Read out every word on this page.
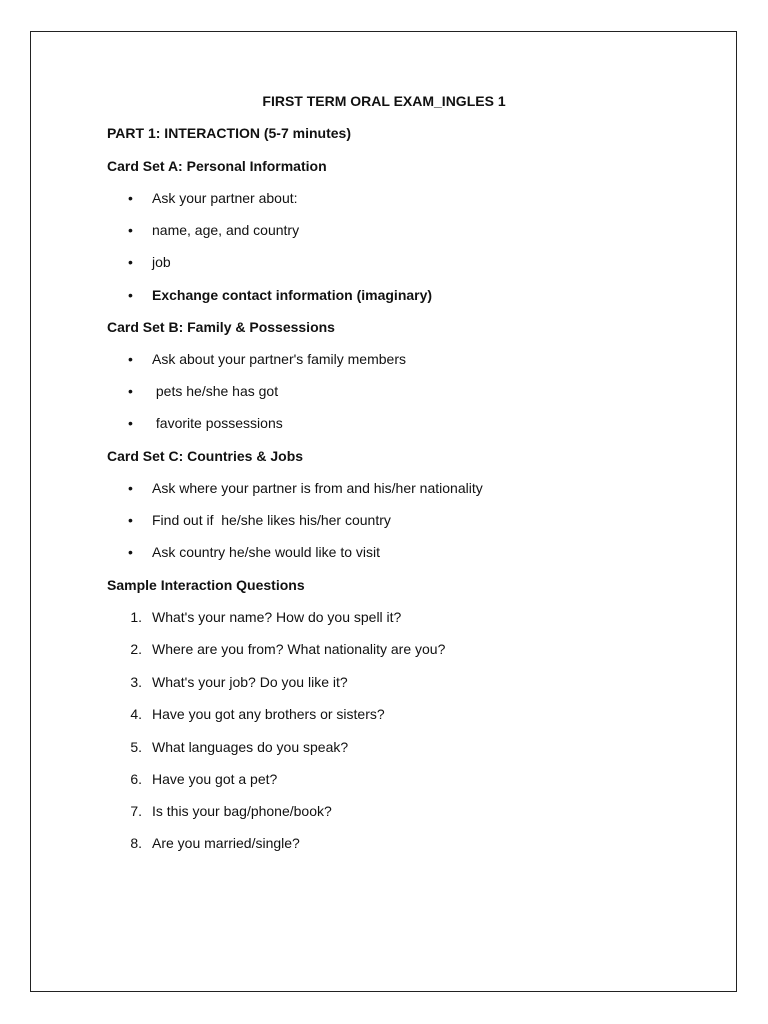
FIRST TERM ORAL EXAM_INGLES 1
PART 1: INTERACTION (5-7 minutes)
Card Set A: Personal Information
• Ask your partner about:
• name, age, and country
• job
• Exchange contact information (imaginary)
Card Set B: Family & Possessions
• Ask about your partner's family members
• pets he/she has got
• favorite possessions
Card Set C: Countries & Jobs
• Ask where your partner is from and his/her nationality
• Find out if  he/she likes his/her country
• Ask country he/she would like to visit
Sample Interaction Questions
1. What's your name? How do you spell it?
2. Where are you from? What nationality are you?
3. What's your job? Do you like it?
4. Have you got any brothers or sisters?
5. What languages do you speak?
6. Have you got a pet?
7. Is this your bag/phone/book?
8. Are you married/single?
